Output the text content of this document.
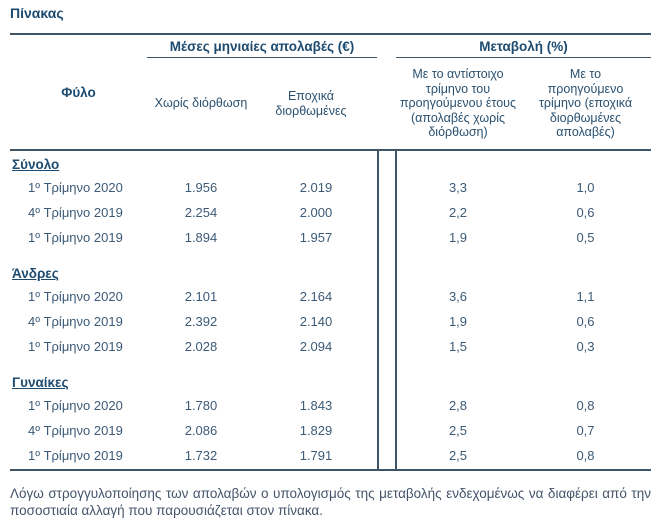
Πίνακας
Φύλο
Μέσες μηνιαίες απολαβές (€)	Μεταβολή (%)
Χωρίς διόρθωση
Εποχικά διορθωμένες
Με το αντίστοιχο τρίμηνο του προηγούμενου έτους (απολαβές χωρίς διόρθωση)
Με το προηγούμενο τρίμηνο (εποχικά διορθωμένες απολαβές)
Σύνολο
1º Τρίμηνο 2020	1.956	2.019	3,3	1,0
4º Τρίμηνο 2019	2.254	2.000	2,2	0,6
1º Τρίμηνο 2019	1.894	1.957	1,9	0,5
Άνδρες
1º Τρίμηνο 2020	2.101	2.164	3,6	1,1
4º Τρίμηνο 2019	2.392	2.140	1,9	0,6
1º Τρίμηνο 2019	2.028	2.094	1,5	0,3
Γυναίκες
1º Τρίμηνο 2020	1.780	1.843	2,8	0,8
4º Τρίμηνο 2019	2.086	1.829	2,5	0,7
1º Τρίμηνο 2019	1.732	1.791	2,5	0,8
Λόγω στρογγυλοποίησης των απολαβών ο υπολογισμός της μεταβολής ενδεχομένως να διαφέρει από την ποσοστιαία αλλαγή που παρουσιάζεται στον πίνακα.
